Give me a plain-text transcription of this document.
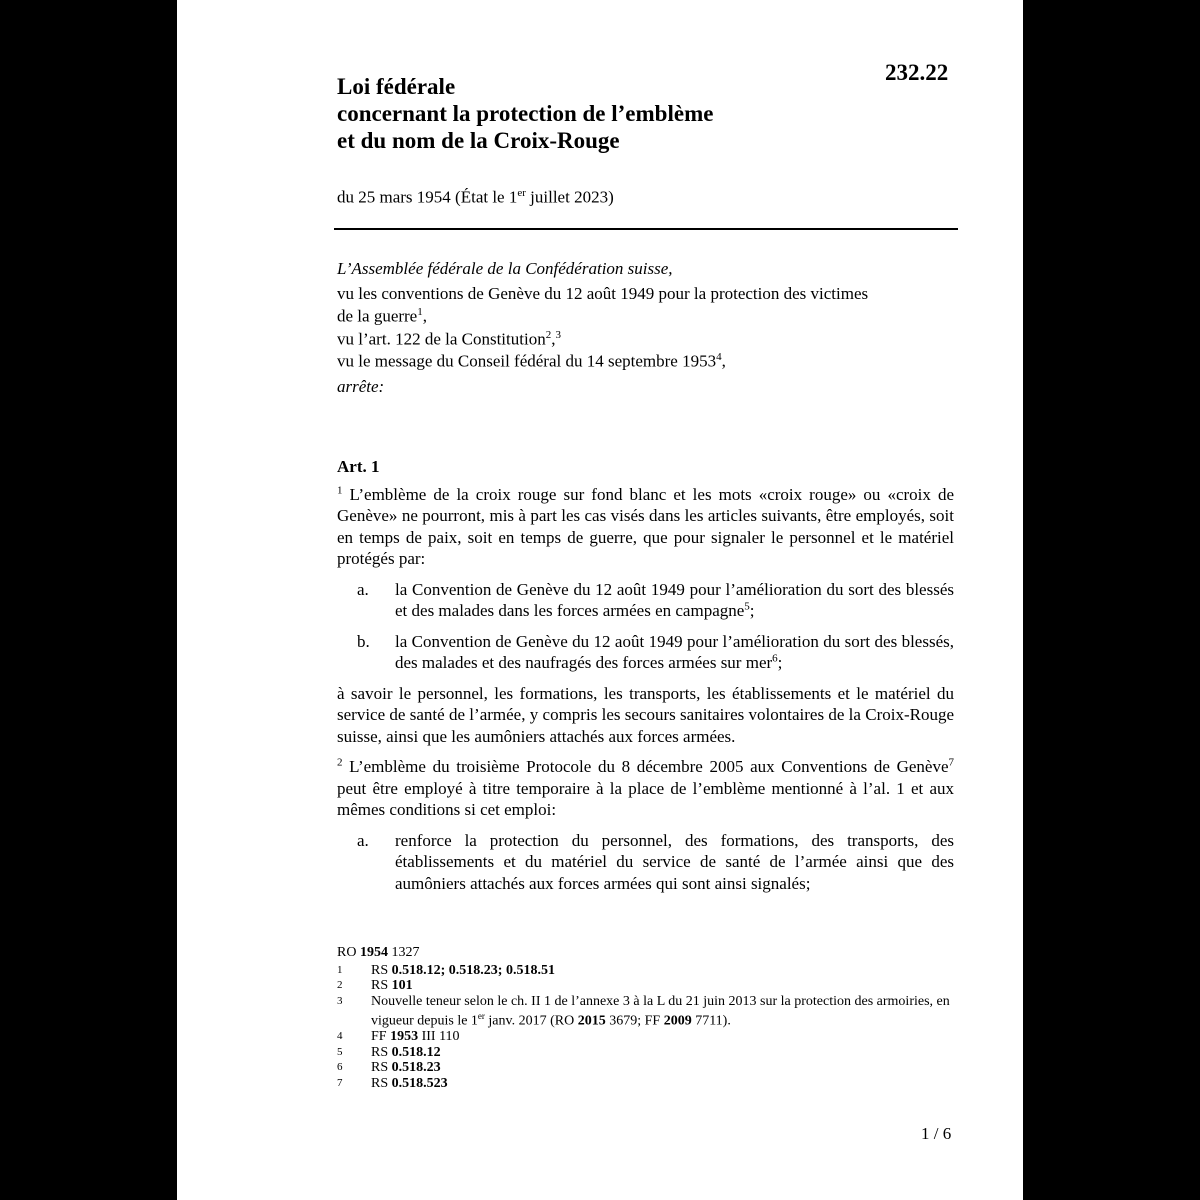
232.22
Loi fédérale
concernant la protection de l’emblème
et du nom de la Croix-Rouge
du 25 mars 1954 (État le 1er juillet 2023)

L’Assemblée fédérale de la Confédération suisse,

vu les conventions de Genève du 12 août 1949 pour la protection des victimes

de la guerre$^1$,

vu l’art. 122 de la Constitution$^2$,$^3$

vu le message du Conseil fédéral du 14 septembre 1953$^4$,

arrête:

Art. 1

$^1$ L’emblème de la croix rouge sur fond blanc et les mots «croix rouge» ou «croix de Genève» ne pourront, mis à part les cas visés dans les articles suivants, être employés, soit en temps de paix, soit en temps de guerre, que pour signaler le personnel et le matériel protégés par:

a.	la Convention de Genève du 12 août 1949 pour l’amélioration du sort des blessés et des malades dans les forces armées en campagne$^5$;
b.	la Convention de Genève du 12 août 1949 pour l’amélioration du sort des blessés, des malades et des naufragés des forces armées sur mer$^6$;

à savoir le personnel, les formations, les transports, les établissements et le matériel du service de santé de l’armée, y compris les secours sanitaires volontaires de la Croix-Rouge suisse, ainsi que les aumôniers attachés aux forces armées.

$^2$ L’emblème du troisième Protocole du 8 décembre 2005 aux Conventions de Genève$^7$ peut être employé à titre temporaire à la place de l’emblème mentionné à l’al. 1 et aux mêmes conditions si cet emploi:

a.	renforce la protection du personnel, des formations, des transports, des établissements et du matériel du service de santé de l’armée ainsi que des aumôniers attachés aux forces armées qui sont ainsi signalés;
RO 1954 1327
1	RS 0.518.12; 0.518.23; 0.518.51
2	RS 101
3	Nouvelle teneur selon le ch. II 1 de l’annexe 3 à la L du 21 juin 2013 sur la protection des armoiries, en vigueur depuis le 1er janv. 2017 (RO 2015 3679; FF 2009 7711).
4	FF 1953 III 110
5	RS 0.518.12
6	RS 0.518.23
7	RS 0.518.523
1 / 6
